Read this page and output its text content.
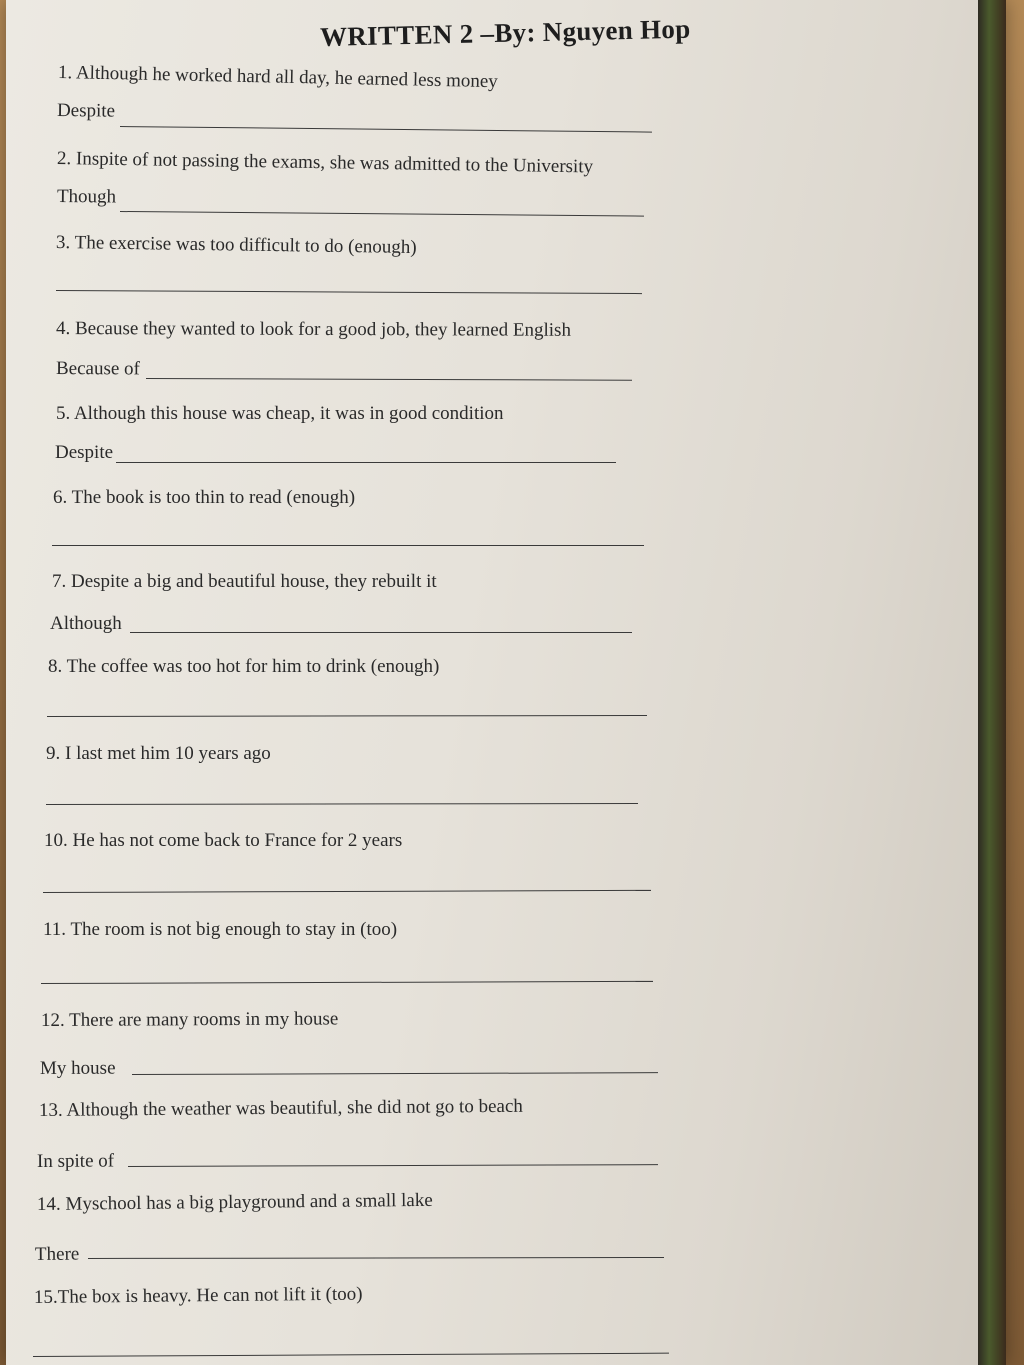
WRITTEN 2 –By: Nguyen Hop
1. Although he worked hard all day, he earned less money
Despite
2. Inspite of not passing the exams, she was admitted to the University
Though
3. The exercise was too difficult to do (enough)
4. Because they wanted to look for a good job, they learned English
Because of
5. Although this house was cheap, it was in good condition
Despite
6. The book is too thin to read (enough)
7. Despite a big and beautiful house, they rebuilt it
Although
8. The coffee was too hot for him to drink (enough)
9. I last met him 10 years ago
10. He has not come back to France for 2 years
11. The room is not big enough to stay in (too)
12. There are many rooms in my house
My house
13. Although the weather was beautiful, she did not go to beach
In spite of
14. Myschool has a big playground and a small lake
There
15.The box is heavy. He can not lift it (too)
